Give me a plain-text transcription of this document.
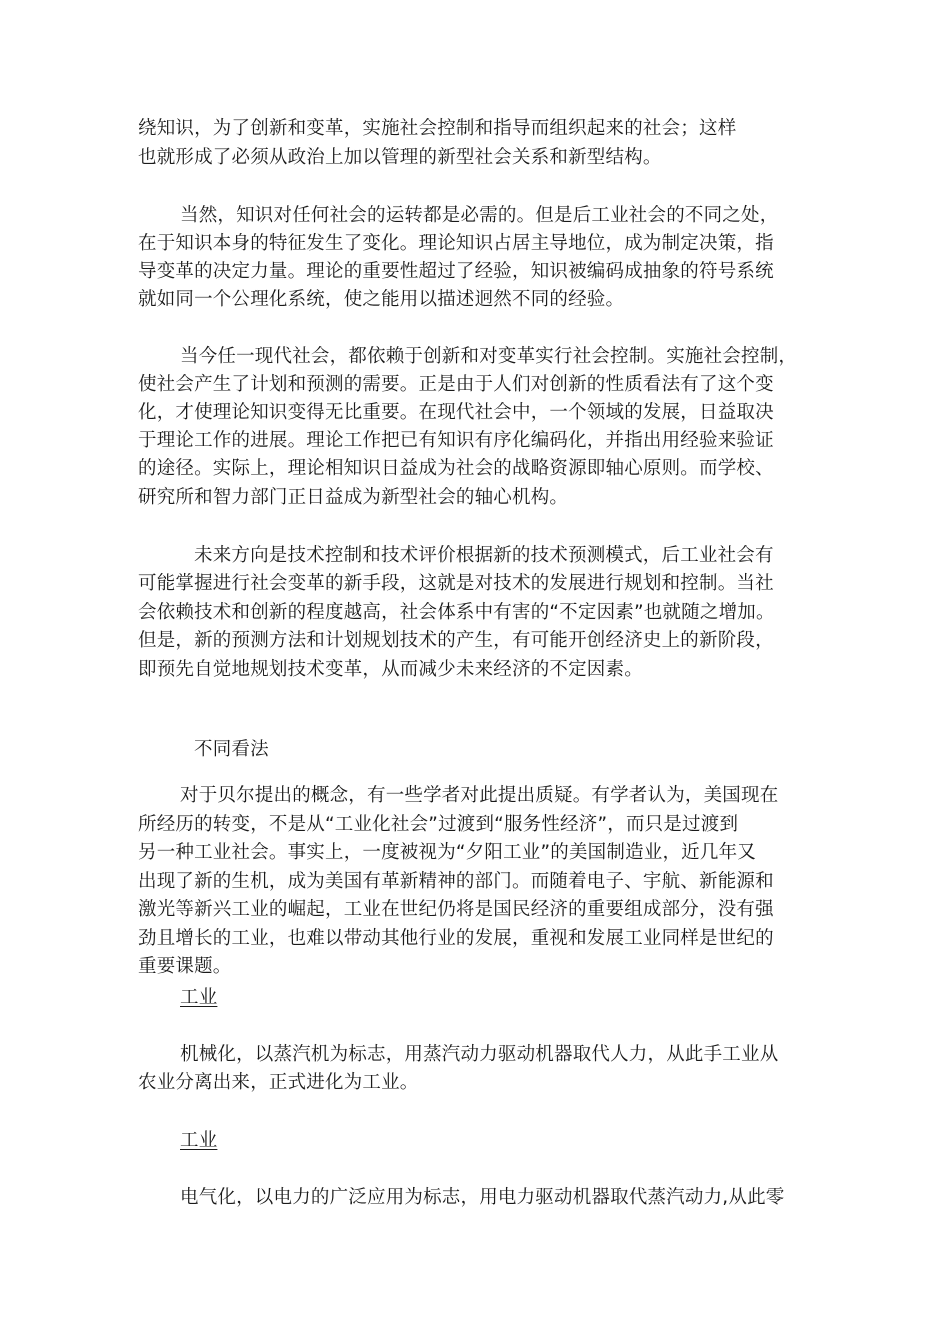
绕知识，为了创新和变革，实施社会控制和指导而组织起来的社会；这样
也就形成了必须从政治上加以管理的新型社会关系和新型结构。
当然，知识对任何社会的运转都是必需的。但是后工业社会的不同之处，
在于知识本身的特征发生了变化。理论知识占居主导地位，成为制定决策，指
导变革的决定力量。理论的重要性超过了经验，知识被编码成抽象的符号系统
就如同一个公理化系统，使之能用以描述迥然不同的经验。
当今任一现代社会，都依赖于创新和对变革实行社会控制。实施社会控制，
使社会产生了计划和预测的需要。正是由于人们对创新的性质看法有了这个变
化，才使理论知识变得无比重要。在现代社会中，一个领域的发展，日益取决
于理论工作的进展。理论工作把已有知识有序化编码化，并指出用经验来验证
的途径。实际上，理论相知识日益成为社会的战略资源即轴心原则。而学校、
研究所和智力部门正日益成为新型社会的轴心机构。
未来方向是技术控制和技术评价根据新的技术预测模式，后工业社会有
可能掌握进行社会变革的新手段，这就是对技术的发展进行规划和控制。当社
会依赖技术和创新的程度越高，社会体系中有害的“不定因素”也就随之增加。
但是，新的预测方法和计划规划技术的产生，有可能开创经济史上的新阶段，
即预先自觉地规划技术变革，从而减少未来经济的不定因素。
不同看法
对于贝尔提出的概念，有一些学者对此提出质疑。有学者认为，美国现在
所经历的转变，不是从“工业化社会”过渡到“服务性经济”，而只是过渡到
另一种工业社会。事实上，一度被视为“夕阳工业”的美国制造业，近几年又
出现了新的生机，成为美国有革新精神的部门。而随着电子、宇航、新能源和
激光等新兴工业的崛起，工业在世纪仍将是国民经济的重要组成部分，没有强
劲且增长的工业，也难以带动其他行业的发展，重视和发展工业同样是世纪的
重要课题。
工业
机械化，以蒸汽机为标志，用蒸汽动力驱动机器取代人力，从此手工业从
农业分离出来，正式进化为工业。
工业
电气化，以电力的广泛应用为标志，用电力驱动机器取代蒸汽动力,从此零
